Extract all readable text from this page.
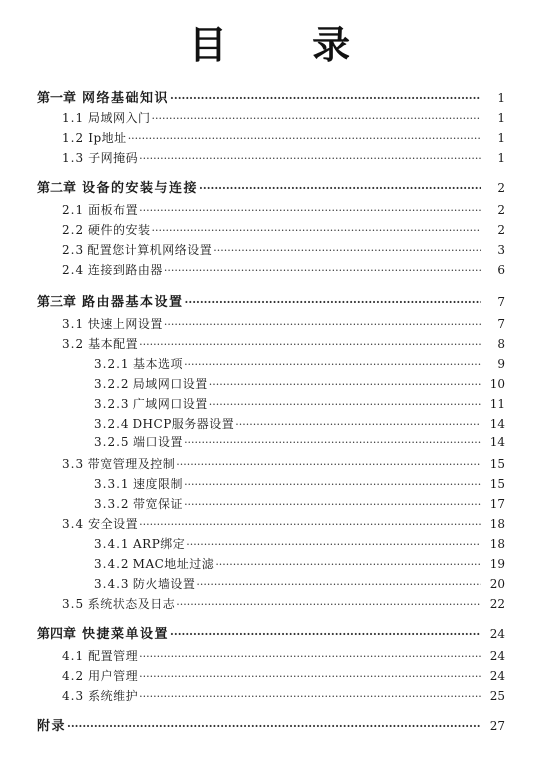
目 录
第一章 网络基础知识 ·····	1
1.1 局域网入门 ·····	1
1.2 Ip地址 ·····	1
1.3 子网掩码 ·····	1
第二章 设备的安装与连接 ·····	2
2.1 面板布置 ·····	2
2.2 硬件的安装 ·····	2
2.3 配置您计算机网络设置 ·····	3
2.4 连接到路由器 ·····	6
第三章 路由器基本设置 ·····	7
3.1 快速上网设置 ·····	7
3.2 基本配置 ·····	8
3.2.1 基本选项 ·····	9
3.2.2 局域网口设置 ·····	10
3.2.3 广域网口设置 ·····	11
3.2.4 DHCP服务器设置 ·····	14
3.2.5 端口设置 ·····	14
3.3 带宽管理及控制 ·····	15
3.3.1 速度限制 ·····	15
3.3.2 带宽保证 ·····	17
3.4 安全设置 ·····	18
3.4.1 ARP绑定 ·····	18
3.4.2 MAC地址过滤 ·····	19
3.4.3 防火墙设置 ·····	20
3.5 系统状态及日志 ·····	22
第四章 快捷菜单设置 ·····	24
4.1 配置管理 ·····	24
4.2 用户管理 ·····	24
4.3 系统维护 ·····	25
附录 ·····	27
